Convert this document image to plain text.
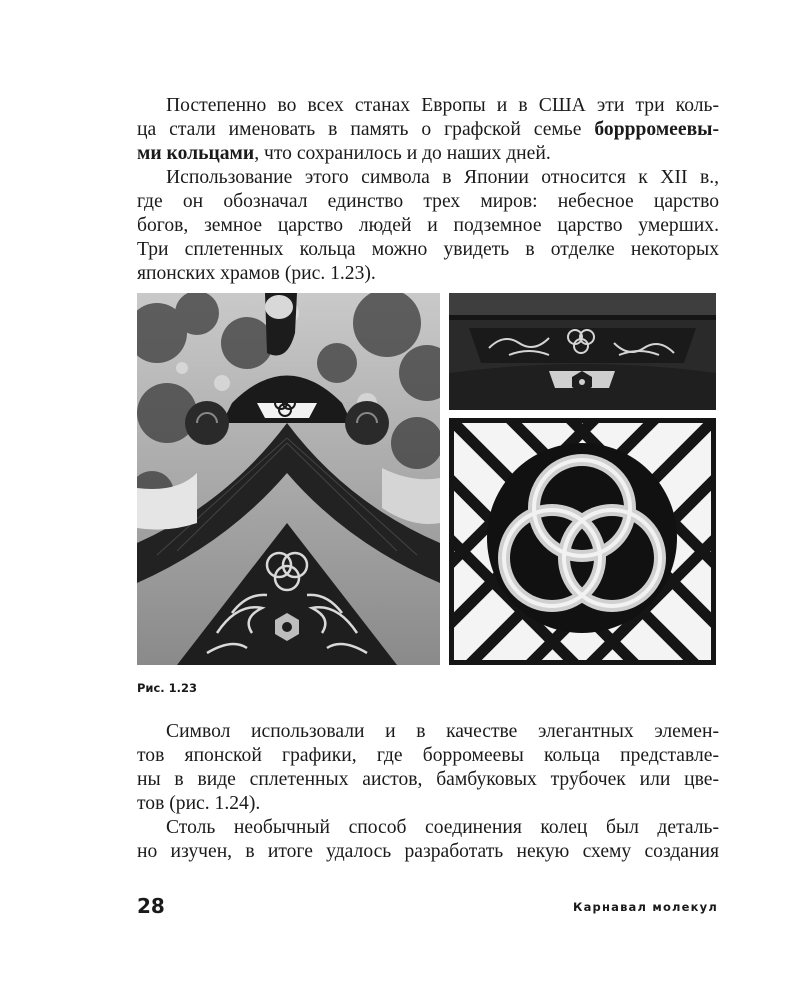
Постепенно во всех станах Европы и в США эти три коль-
ца стали именовать в память о графской семье боррромеевы-
ми кольцами, что сохранилось и до наших дней.
Использование этого символа в Японии относится к XII в.,
где он обозначал единство трех миров: небесное царство
богов, земное царство людей и подземное царство умерших.
Три сплетенных кольца можно увидеть в отделке некоторых
японских храмов (рис. 1.23).
Рис. 1.23
Символ использовали и в качестве элегантных элемен-
тов японской графики, где борромеевы кольца представле-
ны в виде сплетенных аистов, бамбуковых трубочек или цве-
тов (рис. 1.24).
Столь необычный способ соединения колец был деталь-
но изучен, в итоге удалось разработать некую схему создания
28	Карнавал молекул
